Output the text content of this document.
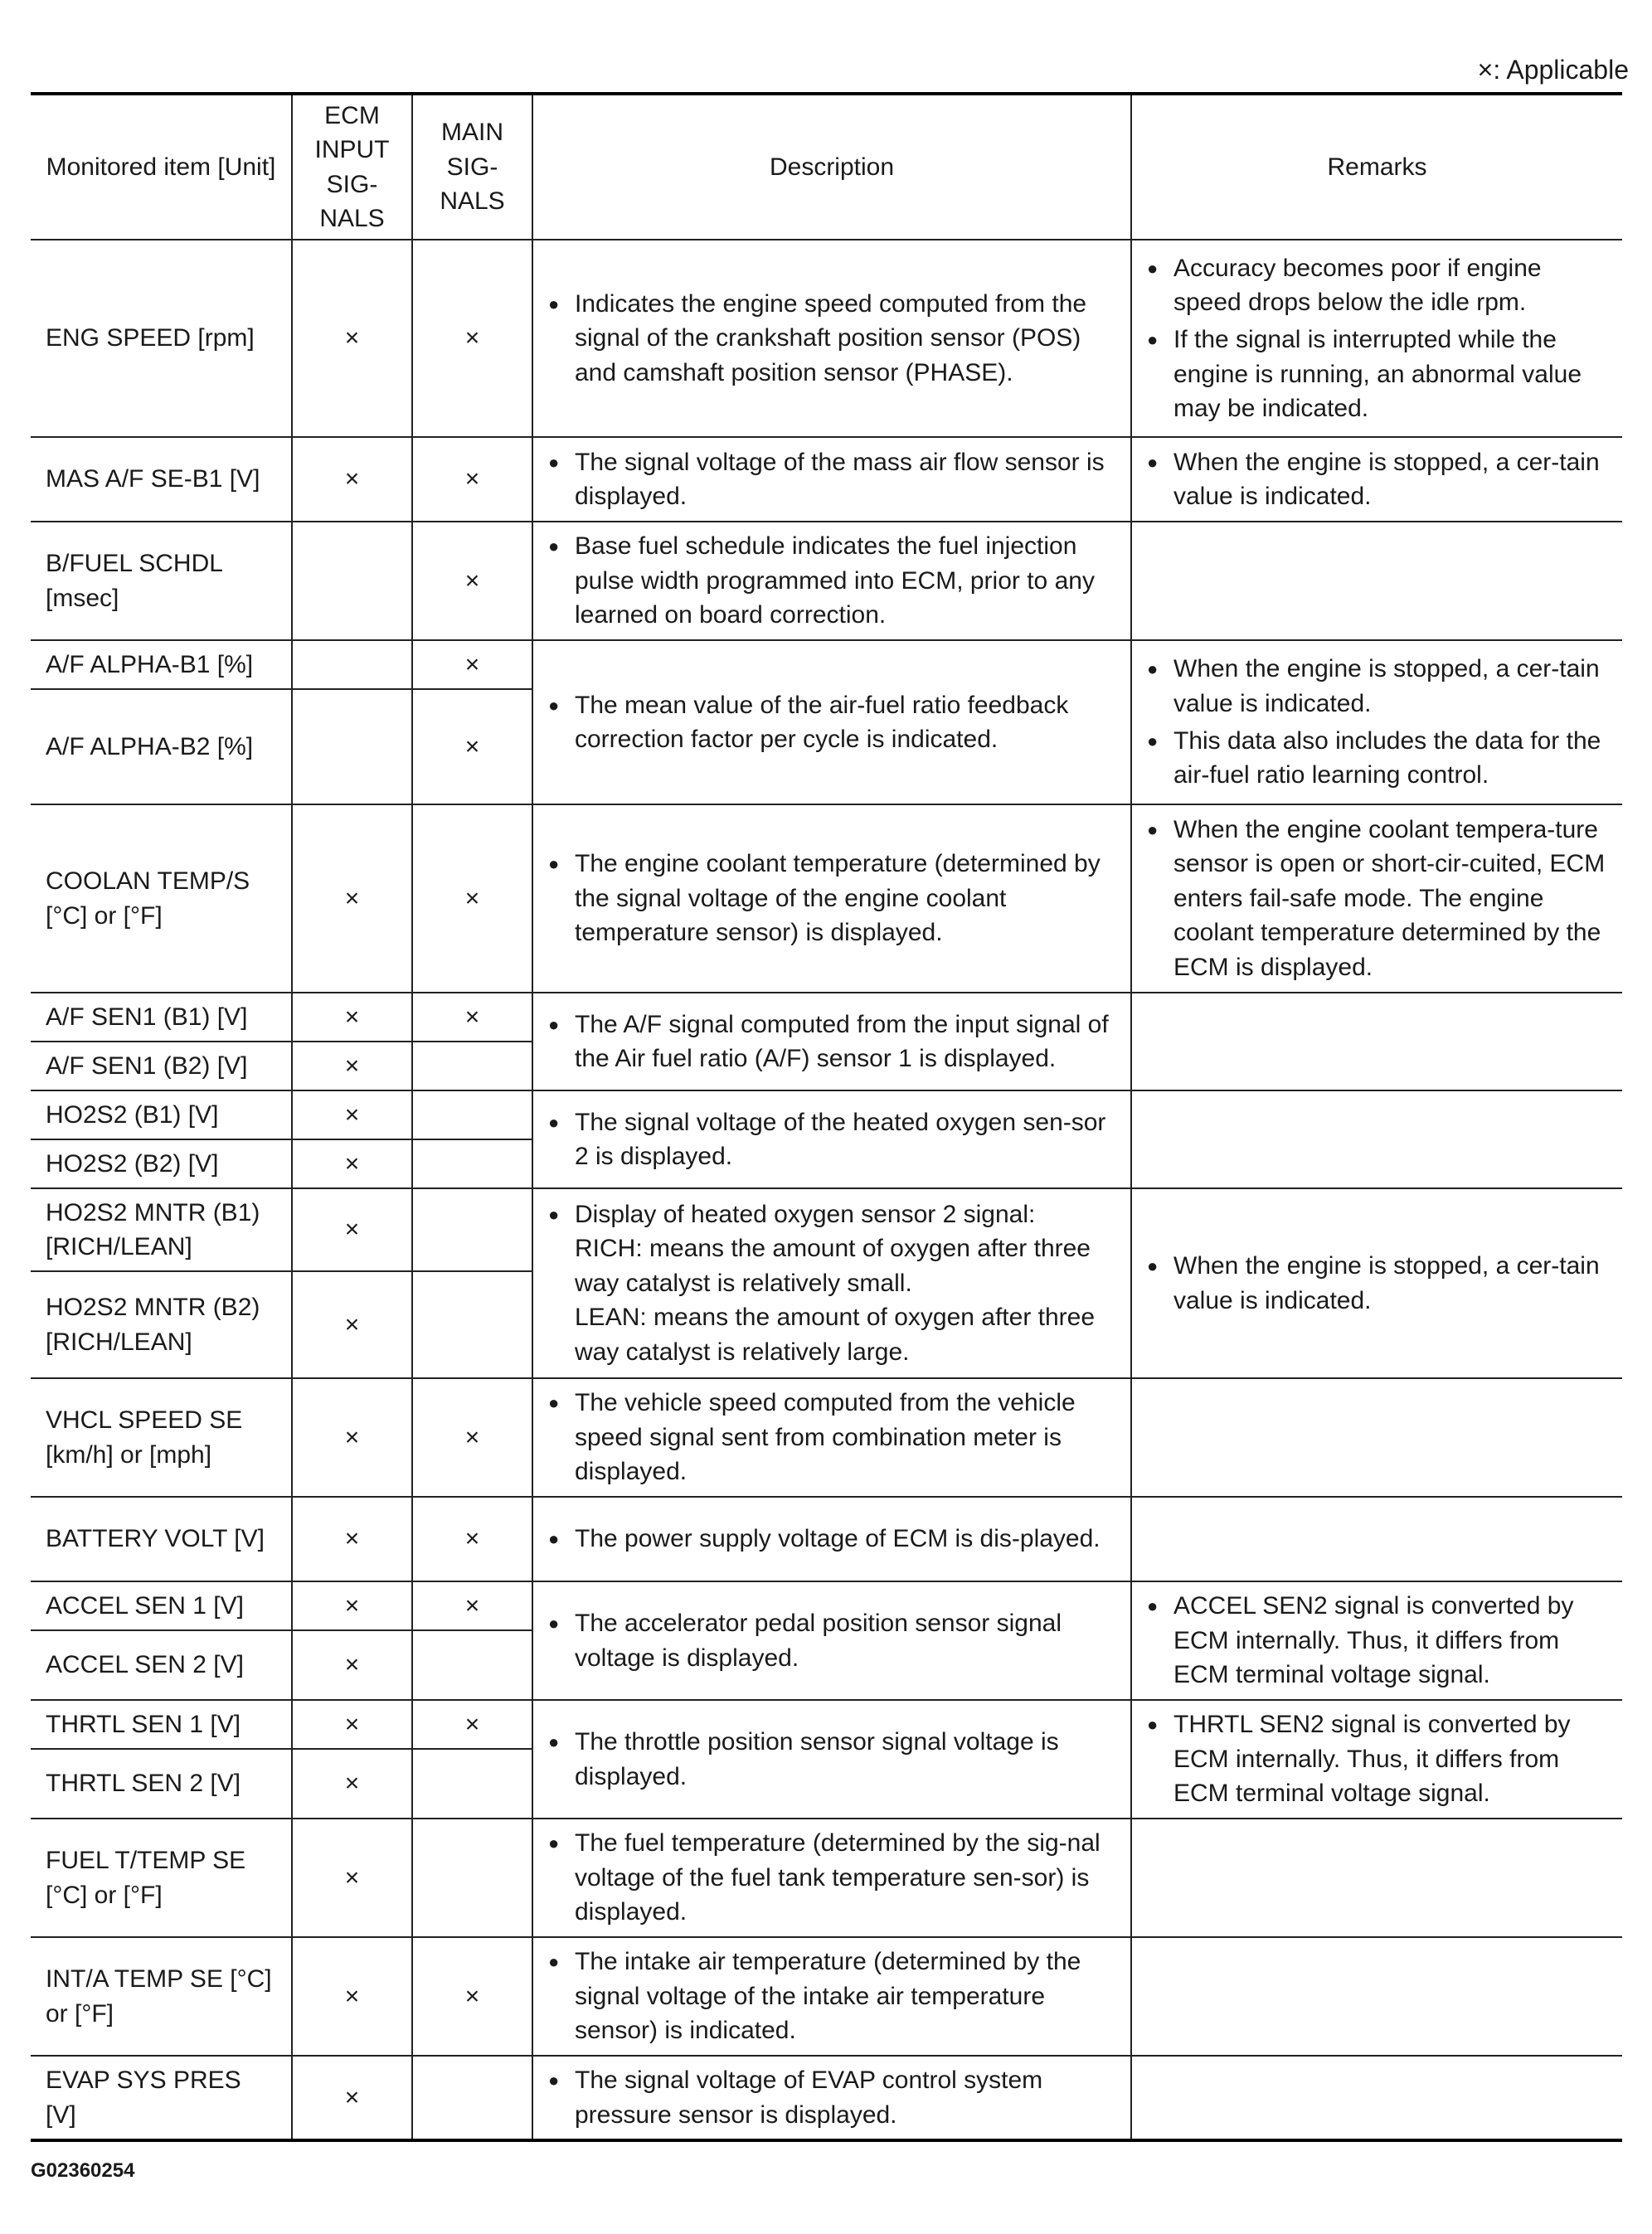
×: Applicable
Monitored item [Unit]	ECM INPUT SIG-NALS	MAIN SIG-NALS	Description	Remarks
ENG SPEED [rpm]	×	×	● Indicates the engine speed computed from the signal of the crankshaft position sensor (POS) and camshaft position sensor (PHASE).	● Accuracy becomes poor if engine speed drops below the idle rpm.
● If the signal is interrupted while the engine is running, an abnormal value may be indicated.

MAS A/F SE-B1 [V]	×	×	● The signal voltage of the mass air flow sensor is displayed.	● When the engine is stopped, a cer-tain value is indicated.

B/FUEL SCHDL [msec]		×	● Base fuel schedule indicates the fuel injection pulse width programmed into ECM, prior to any learned on board correction.

A/F ALPHA-B1 [%]		×	● The mean value of the air-fuel ratio feedback correction factor per cycle is indicated.	● When the engine is stopped, a cer-tain value is indicated.
● This data also includes the data for the air-fuel ratio learning control.

A/F ALPHA-B2 [%]		×		
COOLAN TEMP/S [°C] or [°F]	×	×	● The engine coolant temperature (determined by the signal voltage of the engine coolant temperature sensor) is displayed.	● When the engine coolant tempera-ture sensor is open or short-cir-cuited, ECM enters fail-safe mode. The engine coolant temperature determined by the ECM is displayed.

A/F SEN1 (B1) [V]	×	×	● The A/F signal computed from the input signal of the Air fuel ratio (A/F) sensor 1 is displayed.

A/F SEN1 (B2) [V]	×			
HO2S2 (B1) [V]	×		● The signal voltage of the heated oxygen sen-sor 2 is displayed.

HO2S2 (B2) [V]	×			
HO2S2 MNTR (B1) [RICH/LEAN]	×		● Display of heated oxygen sensor 2 signal:
RICH: means the amount of oxygen after three way catalyst is relatively small.
LEAN: means the amount of oxygen after three way catalyst is relatively large.	● When the engine is stopped, a cer-tain value is indicated.

HO2S2 MNTR (B2) [RICH/LEAN]	×			
VHCL SPEED SE [km/h] or [mph]	×	×	● The vehicle speed computed from the vehicle speed signal sent from combination meter is displayed.

BATTERY VOLT [V]	×	×	● The power supply voltage of ECM is dis-played.

ACCEL SEN 1 [V]	×	×	● The accelerator pedal position sensor signal voltage is displayed.	● ACCEL SEN2 signal is converted by ECM internally. Thus, it differs from ECM terminal voltage signal.

ACCEL SEN 2 [V]	×			
THRTL SEN 1 [V]	×	×	● The throttle position sensor signal voltage is displayed.	● THRTL SEN2 signal is converted by ECM internally. Thus, it differs from ECM terminal voltage signal.

THRTL SEN 2 [V]	×			
FUEL T/TEMP SE [°C] or [°F]	×		● The fuel temperature (determined by the sig-nal voltage of the fuel tank temperature sen-sor) is displayed.

INT/A TEMP SE [°C] or [°F]	×	×	● The intake air temperature (determined by the signal voltage of the intake air temperature sensor) is indicated.

EVAP SYS PRES [V]	×		● The signal voltage of EVAP control system pressure sensor is displayed.

G02360254
